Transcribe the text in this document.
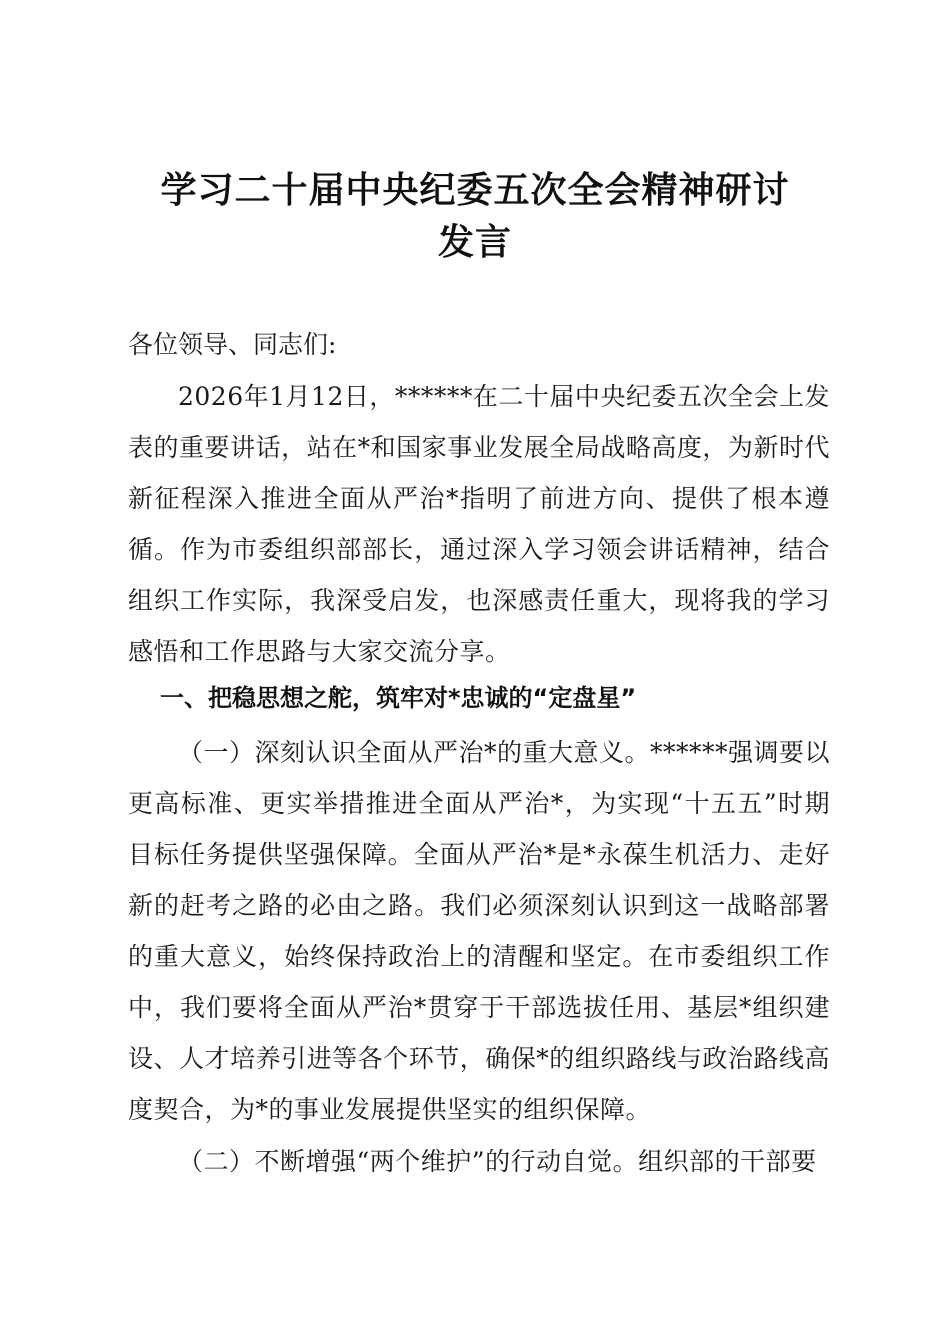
学习二十届中央纪委五次全会精神研讨
发言
各位领导、同志们:

2026年1月12日，******在二十届中央纪委五次全会上发表的重要讲话，站在*和国家事业发展全局战略高度，为新时代新征程深入推进全面从严治*指明了前进方向、提供了根本遵循。作为市委组织部部长，通过深入学习领会讲话精神，结合组织工作实际，我深受启发，也深感责任重大，现将我的学习感悟和工作思路与大家交流分享。

一、把稳思想之舵，筑牢对*忠诚的“定盘星”

（一）深刻认识全面从严治*的重大意义。******强调要以更高标准、更实举措推进全面从严治*，为实现“十五五”时期目标任务提供坚强保障。全面从严治*是*永葆生机活力、走好新的赶考之路的必由之路。我们必须深刻认识到这一战略部署的重大意义，始终保持政治上的清醒和坚定。在市委组织工作中，我们要将全面从严治*贯穿于干部选拔任用、基层*组织建设、人才培养引进等各个环节，确保*的组织路线与政治路线高度契合，为*的事业发展提供坚实的组织保障。

（二）不断增强“两个维护”的行动自觉。组织部的干部要
